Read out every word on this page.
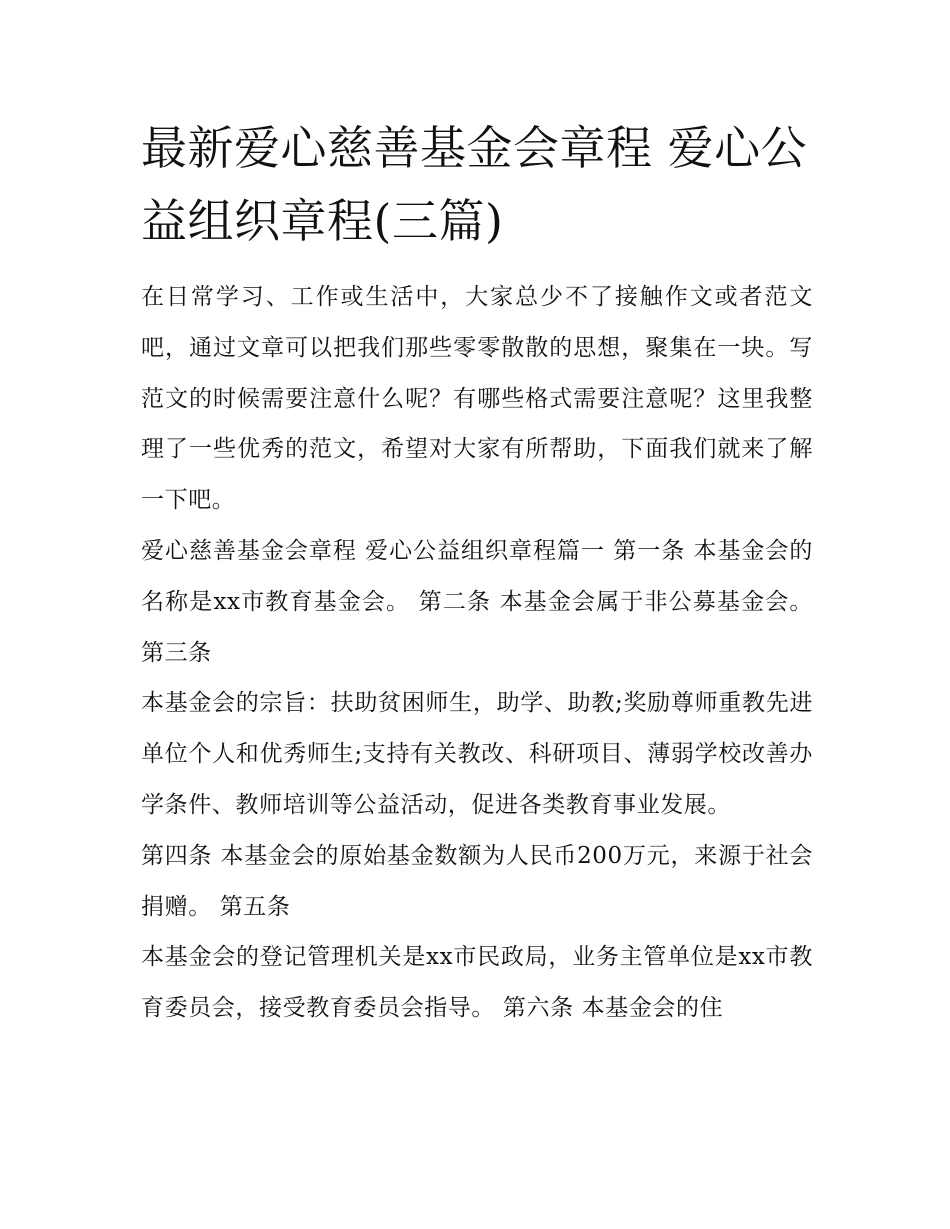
最新爱心慈善基金会章程 爱心公益组织章程(三篇)

在日常学习、工作或生活中，大家总少不了接触作文或者范文吧，通过文章可以把我们那些零零散散的思想，聚集在一块。写范文的时候需要注意什么呢？有哪些格式需要注意呢？这里我整理了一些优秀的范文，希望对大家有所帮助，下面我们就来了解一下吧。

爱心慈善基金会章程 爱心公益组织章程篇一 第一条 本基金会的名称是xx市教育基金会。 第二条 本基金会属于非公募基金会。 第三条

本基金会的宗旨：扶助贫困师生，助学、助教;奖励尊师重教先进单位个人和优秀师生;支持有关教改、科研项目、薄弱学校改善办学条件、教师培训等公益活动，促进各类教育事业发展。

第四条 本基金会的原始基金数额为人民币200万元，来源于社会捐赠。 第五条

本基金会的登记管理机关是xx市民政局，业务主管单位是xx市教育委员会，接受教育委员会指导。 第六条 本基金会的住
